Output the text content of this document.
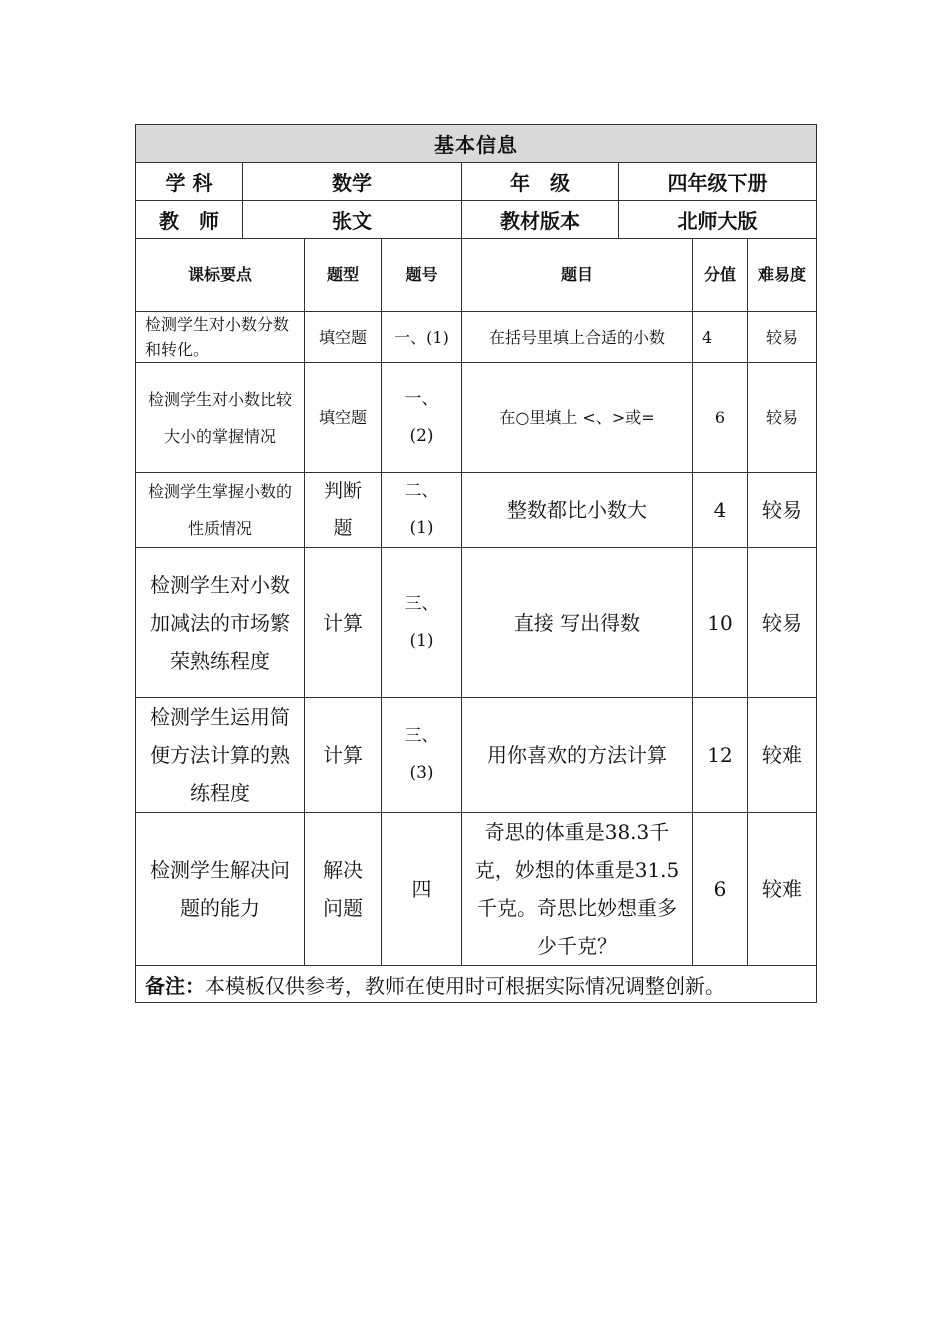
基本信息							
学 科	数学			年　级	四年级下册		
教　师	张文			教材版本	北师大版		
课标要点		题型	题号	题目		分值	难易度
检测学生对小数分数和转化。		填空题	一、(1)	在括号里填上合适的小数		4	较易
检测学生对小数比较大小的掌握情况		填空题	一、(2)	在○里填上 <、>或=		6	较易
检测学生掌握小数的性质情况		判断题	二、(1)	整数都比小数大		4	较易
检测学生对小数加减法的市场繁荣熟练程度		计算	三、(1)	直接 写出得数		10	较易
检测学生运用简便方法计算的熟练程度		计算	三、(3)	用你喜欢的方法计算		12	较难
检测学生解决问题的能力		解决问题	四	奇思的体重是38.3千克，妙想的体重是31.5千克。奇思比妙想重多少千克？		6	较难
备注：本模板仅供参考，教师在使用时可根据实际情况调整创新。							
